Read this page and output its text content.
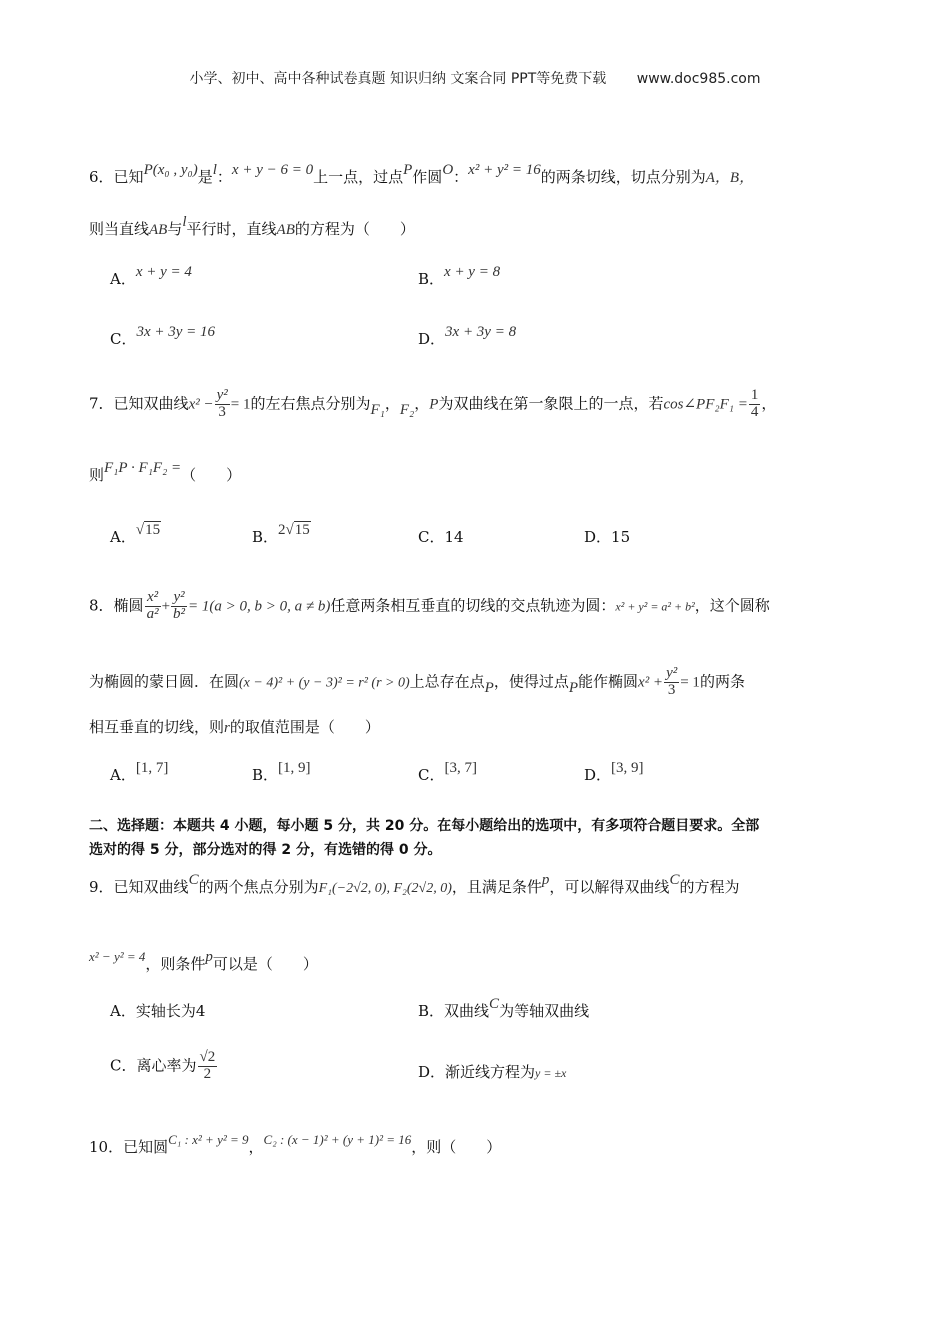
小学、初中、高中各种试卷真题 知识归纳 文案合同 PPT等免费下载 www.doc985.com
6．已知P(x₀ , y₀)是l：x + y − 6 = 0上一点，过点P作圆O：x² + y² = 16的两条切线，切点分别为A，B，
则当直线AB与l平行时，直线AB的方程为（　　）
A．x + y = 4	B．x + y = 8
C．3x + 3y = 16	D．3x + 3y = 8
7．已知双曲线$x^2 - \frac{\text{y²}}{3} = 1$的左右焦点分别为F₁，F₂，P为双曲线在第一象限上的一点，若cos∠PF₂F₁ = $\frac{1}{4}$ ，
则F₁P · F₁F₂ =（　　）
A．√15	B．2√15	C．14	D．15
8．椭圆 $\frac{\text{x²}}{\text{a²}} + \frac{\text{y²}}{\text{b²}} = 1(a > 0$, b > 0, a ≠ b)任意两条相互垂直的切线的交点轨迹为圆：x² + y² = a² + b²，这个圆称
为椭圆的蒙日圆．在圆(x − 4)² + (y − 3)² = r² (r > 0)上总存在点P，使得过点P能作椭圆$x^2 + \frac{\text{y²}}{3} = 1$的两条
相互垂直的切线，则r的取值范围是（　　）
A．[1, 7]	B．[1, 9]	C．[3, 7]	D．[3, 9]
二、选择题：本题共 4 小题，每小题 5 分，共 20 分。在每小题给出的选项中，有多项符合题目要求。全部
选对的得 5 分，部分选对的得 2 分，有选错的得 0 分。
9．已知双曲线C的两个焦点分别为F₁(−2√2, 0), F₂(2√2, 0)，且满足条件p，可以解得双曲线C的方程为
x² − y² = 4，则条件p可以是（　　）
A．实轴长为4	B．双曲线C为等轴双曲线
C．离心率为 $\frac{√2}{2}$	D．渐近线方程为y = ±x
10．已知圆C₁ : x² + y² = 9，C₂ : (x − 1)² + (y + 1)² = 16，则（　　）
